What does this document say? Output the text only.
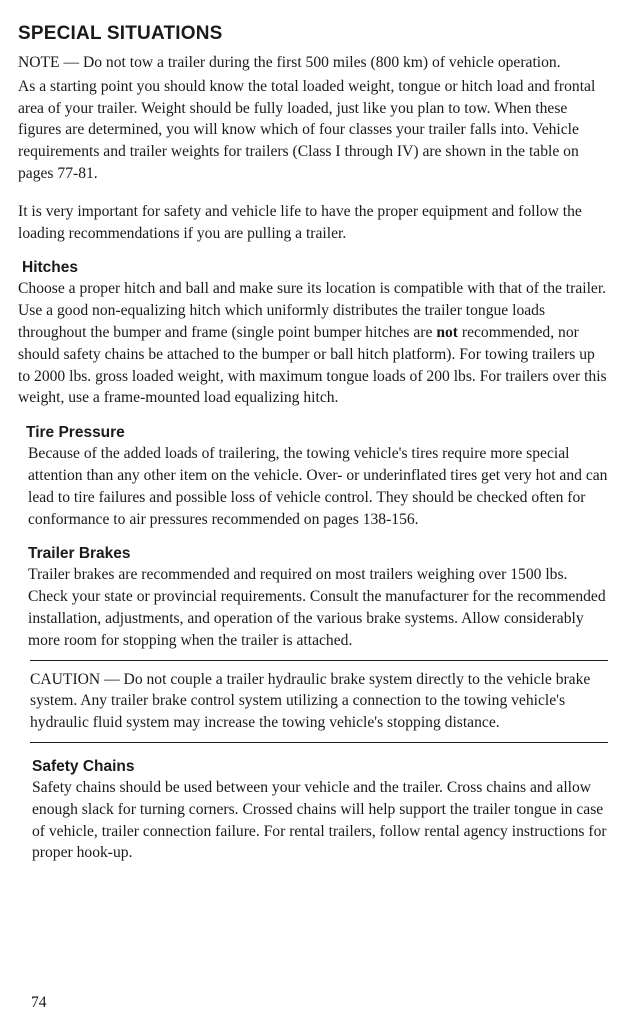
SPECIAL SITUATIONS

NOTE — Do not tow a trailer during the first 500 miles (800 km) of vehicle operation.

As a starting point you should know the total loaded weight, tongue or hitch load and frontal area of your trailer. Weight should be fully loaded, just like you plan to tow. When these figures are determined, you will know which of four classes your trailer falls into. Vehicle requirements and trailer weights for trailers (Class I through IV) are shown in the table on pages 77-81.

It is very important for safety and vehicle life to have the proper equipment and follow the loading recommendations if you are pulling a trailer.

Hitches

Choose a proper hitch and ball and make sure its location is compatible with that of the trailer. Use a good non-equalizing hitch which uniformly distributes the trailer tongue loads throughout the bumper and frame (single point bumper hitches are not recommended, nor should safety chains be attached to the bumper or ball hitch platform). For towing trailers up to 2000 lbs. gross loaded weight, with maximum tongue loads of 200 lbs. For trailers over this weight, use a frame-mounted load equalizing hitch.

Tire Pressure

Because of the added loads of trailering, the towing vehicle's tires require more special attention than any other item on the vehicle. Over- or underinflated tires get very hot and can lead to tire failures and possible loss of vehicle control. They should be checked often for conformance to air pressures recommended on pages 138-156.

Trailer Brakes

Trailer brakes are recommended and required on most trailers weighing over 1500 lbs. Check your state or provincial requirements. Consult the manufacturer for the recommended installation, adjustments, and operation of the various brake systems. Allow considerably more room for stopping when the trailer is attached.

CAUTION — Do not couple a trailer hydraulic brake system directly to the vehicle brake system. Any trailer brake control system utilizing a connection to the towing vehicle's hydraulic fluid system may increase the towing vehicle's stopping distance.

Safety Chains

Safety chains should be used between your vehicle and the trailer. Cross chains and allow enough slack for turning corners. Crossed chains will help support the trailer tongue in case of vehicle, trailer connection failure. For rental trailers, follow rental agency instructions for proper hook-up.

74
